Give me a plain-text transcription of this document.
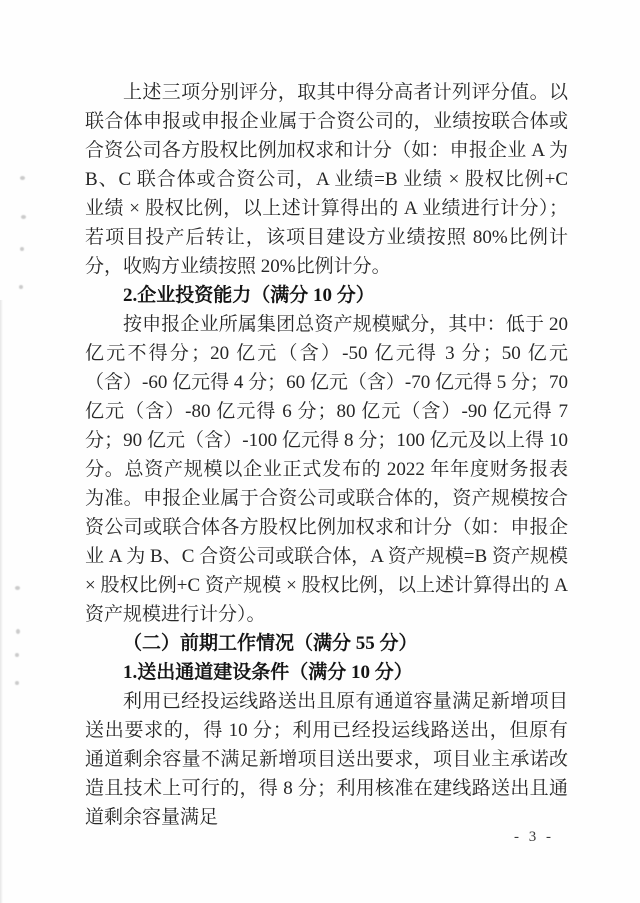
上述三项分别评分，取其中得分高者计列评分值。以联合体申报或申报企业属于合资公司的，业绩按联合体或合资公司各方股权比例加权求和计分（如：申报企业 A 为 B、C 联合体或合资公司，A 业绩=B 业绩 × 股权比例+C 业绩 × 股权比例，以上述计算得出的 A 业绩进行计分）；若项目投产后转让，该项目建设方业绩按照 80%比例计分，收购方业绩按照 20%比例计分。

2.企业投资能力（满分 10 分）

按申报企业所属集团总资产规模赋分，其中：低于 20 亿元不得分；20 亿元（含）-50 亿元得 3 分；50 亿元（含）-60 亿元得 4 分；60 亿元（含）-70 亿元得 5 分；70 亿元（含）-80 亿元得 6 分；80 亿元（含）-90 亿元得 7 分；90 亿元（含）-100 亿元得 8 分；100 亿元及以上得 10 分。总资产规模以企业正式发布的 2022 年年度财务报表为准。申报企业属于合资公司或联合体的，资产规模按合资公司或联合体各方股权比例加权求和计分（如：申报企业 A 为 B、C 合资公司或联合体，A 资产规模=B 资产规模 × 股权比例+C 资产规模 × 股权比例，以上述计算得出的 A 资产规模进行计分）。

（二）前期工作情况（满分 55 分）

1.送出通道建设条件（满分 10 分）

利用已经投运线路送出且原有通道容量满足新增项目送出要求的，得 10 分；利用已经投运线路送出，但原有通道剩余容量不满足新增项目送出要求，项目业主承诺改造且技术上可行的，得 8 分；利用核准在建线路送出且通道剩余容量满足

- 3 -
